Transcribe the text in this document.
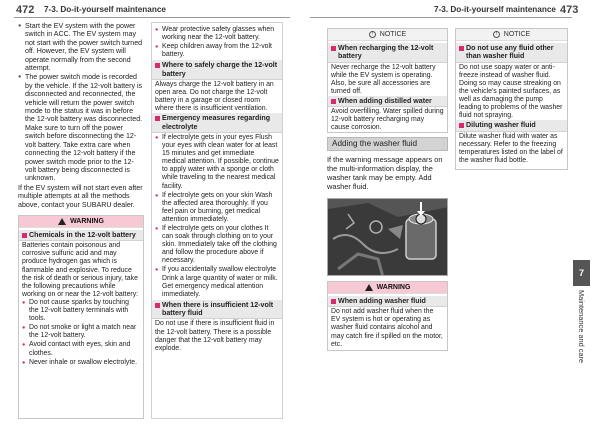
472 7-3. Do-it-yourself maintenance	7-3. Do-it-yourself maintenance 473
● Start the EV system with the power switch in ACC. The EV system may not start with the power switch turned off. However, the EV system will operate normally from the second attempt.
● The power switch mode is recorded by the vehicle. If the 12-volt battery is disconnected and reconnected, the vehicle will return the power switch mode to the status it was in before the 12-volt battery was disconnected. Make sure to turn off the power switch before disconnecting the 12-volt battery. Take extra care when connecting the 12-volt battery if the power switch mode prior to the 12-volt battery being disconnected is unknown.

If the EV system will not start even after multiple attempts at all the methods above, contact your SUBARU dealer.

WARNING
Chemicals in the 12-volt battery

Batteries contain poisonous and corrosive sulfuric acid and may produce hydrogen gas which is flammable and explosive. To reduce the risk of death or serious injury, take the following precautions while working on or near the 12-volt battery:

● Do not cause sparks by touching the 12-volt battery terminals with tools.
● Do not smoke or light a match near the 12-volt battery.
● Avoid contact with eyes, skin and clothes.
● Never inhale or swallow electrolyte.
● Wear protective safety glasses when working near the 12-volt battery.
● Keep children away from the 12-volt battery.
Where to safely charge the 12-volt battery

Always charge the 12-volt battery in an open area. Do not charge the 12-volt battery in a garage or closed room where there is insufficient ventilation.

Emergency measures regarding electrolyte
● If electrolyte gets in your eyes Flush your eyes with clean water for at least 15 minutes and get immediate medical attention. If possible, continue to apply water with a sponge or cloth while traveling to the nearest medical facility.
● If electrolyte gets on your skin Wash the affected area thoroughly. If you feel pain or burning, get medical attention immediately.
● If electrolyte gets on your clothes It can soak through clothing on to your skin. Immediately take off the clothing and follow the procedure above if necessary.
● If you accidentally swallow electrolyte Drink a large quantity of water or milk. Get emergency medical attention immediately.
When there is insufficient 12-volt battery fluid

Do not use if there is insufficient fluid in the 12-volt battery. There is a possible danger that the 12-volt battery may explode.

! NOTICE
When recharging the 12-volt battery

Never recharge the 12-volt battery while the EV system is operating. Also, be sure all accessories are turned off.

When adding distilled water

Avoid overfilling. Water spilled during 12-volt battery recharging may cause corrosion.

Adding the washer fluid

If the warning message appears on the multi-information display, the washer tank may be empty. Add washer fluid.

WARNING
When adding washer fluid

Do not add washer fluid when the EV system is hot or operating as washer fluid contains alcohol and may catch fire if spilled on the motor, etc.

! NOTICE
Do not use any fluid other than washer fluid

Do not use soapy water or anti-freeze instead of washer fluid. Doing so may cause streaking on the vehicle's painted surfaces, as well as damaging the pump leading to problems of the washer fluid not spraying.

Diluting washer fluid

Dilute washer fluid with water as necessary. Refer to the freezing temperatures listed on the label of the washer fluid bottle.

7
Maintenance and care
